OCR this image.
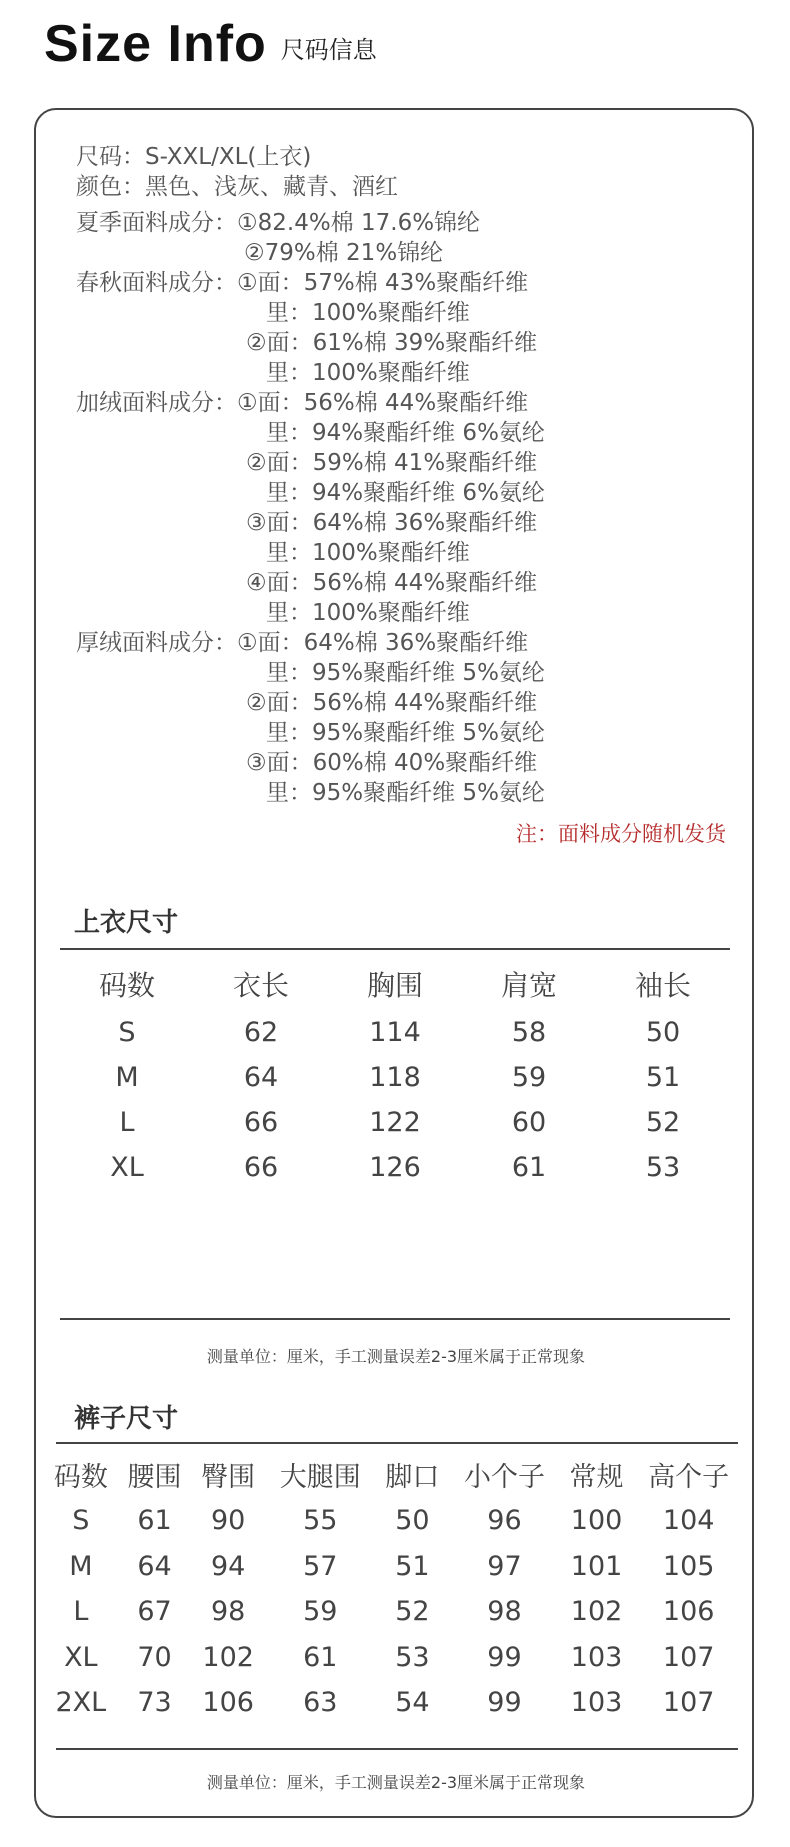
Size Info 尺码信息
尺码：S-XXL/XL(上衣)
颜色：黑色、浅灰、藏青、酒红
夏季面料成分：①82.4%棉 17.6%锦纶
②79%棉 21%锦纶
春秋面料成分：①面：57%棉 43%聚酯纤维
里：100%聚酯纤维
②面：61%棉 39%聚酯纤维
里：100%聚酯纤维
加绒面料成分：①面：56%棉 44%聚酯纤维
里：94%聚酯纤维 6%氨纶
②面：59%棉 41%聚酯纤维
里：94%聚酯纤维 6%氨纶
③面：64%棉 36%聚酯纤维
里：100%聚酯纤维
④面：56%棉 44%聚酯纤维
里：100%聚酯纤维
厚绒面料成分：①面：64%棉 36%聚酯纤维
里：95%聚酯纤维 5%氨纶
②面：56%棉 44%聚酯纤维
里：95%聚酯纤维 5%氨纶
③面：60%棉 40%聚酯纤维
里：95%聚酯纤维 5%氨纶
注：面料成分随机发货
上衣尺寸
码数	衣长	胸围	肩宽	袖长
S	62	114	58	50
M	64	118	59	51
L	66	122	60	52
XL	66	126	61	53
测量单位：厘米，手工测量误差2-3厘米属于正常现象
裤子尺寸
码数	腰围	臀围	大腿围	脚口	小个子	常规	高个子
S	61	90	55	50	96	100	104
M	64	94	57	51	97	101	105
L	67	98	59	52	98	102	106
XL	70	102	61	53	99	103	107
2XL	73	106	63	54	99	103	107
测量单位：厘米，手工测量误差2-3厘米属于正常现象
